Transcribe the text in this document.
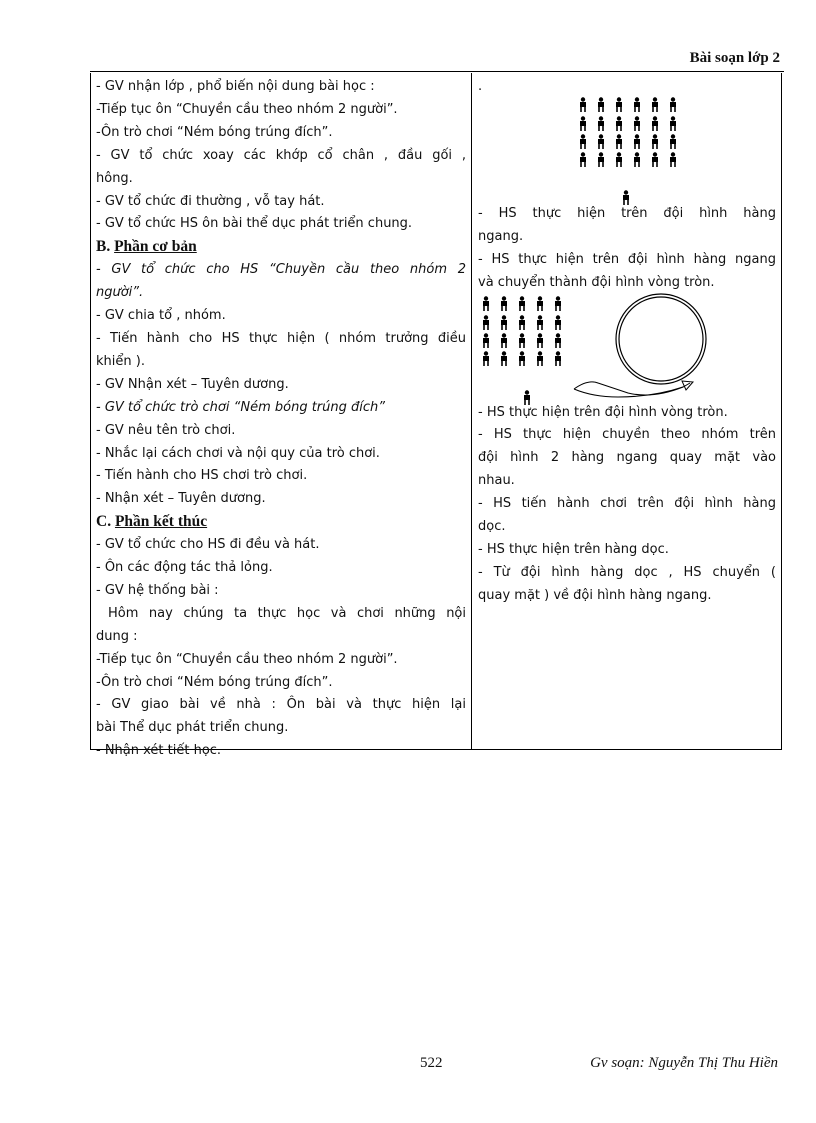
Bài soạn lớp 2
- GV nhận lớp , phổ biến nội dung bài học :
-Tiếp tục ôn “Chuyền cầu theo nhóm 2 người”.
-Ôn trò chơi “Ném bóng trúng đích”.
- GV tổ chức xoay các khớp cổ chân , đầu gối ,
hông.
- GV tổ chức đi thường , vỗ tay hát.
- GV tổ chức HS ôn bài thể dục phát triển chung.
B. Phần cơ bản
- GV tổ chức cho HS “Chuyền cầu theo nhóm 2
người”.
- GV chia tổ , nhóm.
- Tiến hành cho HS thực hiện ( nhóm trưởng điều
khiển ).
- GV Nhận xét – Tuyên dương.
- GV tổ chức trò chơi “Ném bóng trúng đích”
- GV nêu tên trò chơi.
- Nhắc lại cách chơi và nội quy của trò chơi.
- Tiến hành cho HS chơi trò chơi.
- Nhận xét – Tuyên dương.
C. Phần kết thúc
- GV tổ chức cho HS đi đều và hát.
- Ôn các động tác thả lỏng.
- GV hệ thống bài :
Hôm nay chúng ta thực học và chơi những nội
dung :
-Tiếp tục ôn “Chuyền cầu theo nhóm 2 người”.
-Ôn trò chơi “Ném bóng trúng đích”.
- GV giao bài về nhà : Ôn bài và thực hiện lại
bài Thể dục phát triển chung.
- Nhận xét tiết học.
.
- HS thực hiện trên đội hình hàng
ngang.
- HS thực hiện trên đội hình hàng ngang
và chuyển thành đội hình vòng tròn.
- HS thực hiện trên đội hình vòng tròn.
- HS thực hiện chuyền theo nhóm trên
đội hình 2 hàng ngang quay mặt vào
nhau.
- HS tiến hành chơi trên đội hình hàng
dọc.
- HS thực hiện trên hàng dọc.
- Từ đội hình hàng dọc , HS chuyển (
quay mặt ) về đội hình hàng ngang.
522	Gv soạn: Nguyễn Thị Thu Hiền
